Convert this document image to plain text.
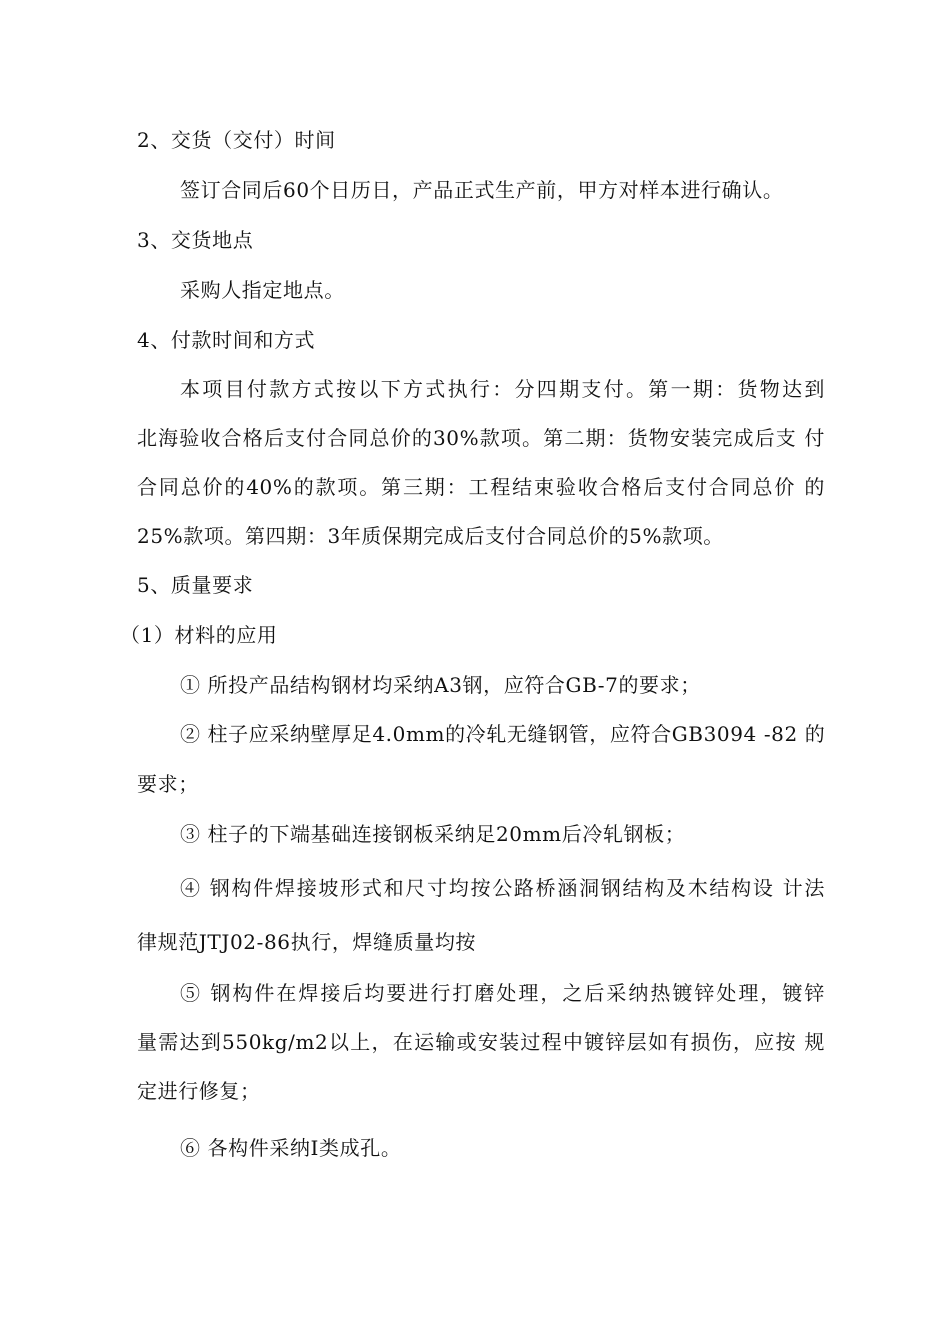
2、交货（交付）时间
签订合同后60个日历日，产品正式生产前，甲方对样本进行确认。
3、交货地点
采购人指定地点。
4、付款时间和方式
本项目付款方式按以下方式执行：分四期支付。第一期：货物达到
北海验收合格后支付合同总价的30%款项。第二期：货物安装完成后支 付
合同总价的40%的款项。第三期：工程结束验收合格后支付合同总价 的
25%款项。第四期：3年质保期完成后支付合同总价的5%款项。
5、质量要求
（1）材料的应用
① 所投产品结构钢材均采纳A3钢，应符合GB-7的要求；
② 柱子应采纳壁厚足4.0mm的冷轧无缝钢管，应符合GB3094 -82 的
要求；
③ 柱子的下端基础连接钢板采纳足20mm后冷轧钢板；
④ 钢构件焊接坡形式和尺寸均按公路桥涵洞钢结构及木结构设 计法
律规范JTJ02-86执行，焊缝质量均按
⑤ 钢构件在焊接后均要进行打磨处理，之后采纳热镀锌处理，镀锌
量需达到550kg/m2以上，在运输或安装过程中镀锌层如有损伤，应按 规
定进行修复；
⑥ 各构件采纳Ⅰ类成孔。
